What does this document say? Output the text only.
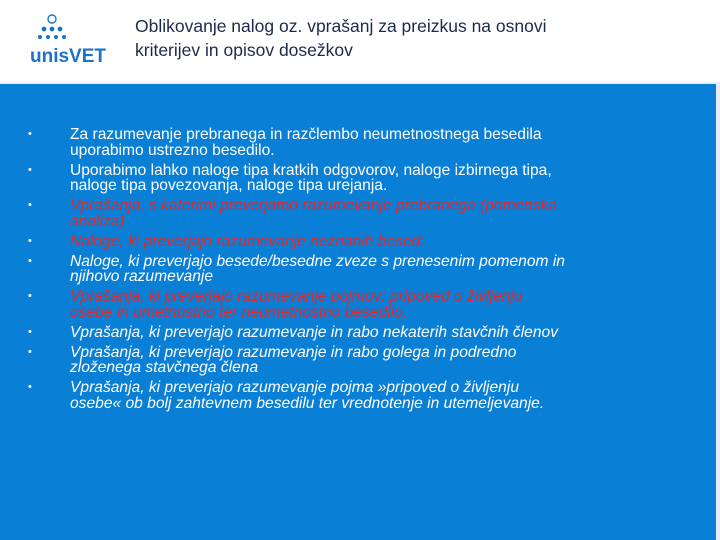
unisVET
Oblikovanje nalog oz. vprašanj za preizkus na osnovi
kriterijev in opisov dosežkov
• Za razumevanje prebranega in razčlembo neumetnostnega besedila
uporabimo ustrezno besedilo.
• Uporabimo lahko naloge tipa kratkih odgovorov, naloge izbirnega tipa,
naloge tipa povezovanja, naloge tipa urejanja.
• Vprašanja, s katerimi preverjamo razumevanje prebranega (pomenska
analiza)
• Naloge, ki preverjajo razumevanje neznanih besed:
• Naloge, ki preverjajo besede/besedne zveze s prenesenim pomenom in
njihovo razumevanje
• Vprašanja, ki preverjajo razumevanje pojmov: pripoved o življenju
osebe in umetnostno ter neumetnostno besedilo.
• Vprašanja, ki preverjajo razumevanje in rabo nekaterih stavčnih členov
• Vprašanja, ki preverjajo razumevanje in rabo golega in podredno
zloženega stavčnega člena
• Vprašanja, ki preverjajo razumevanje pojma »pripoved o življenju
osebe« ob bolj zahtevnem besedilu ter vrednotenje in utemeljevanje.
